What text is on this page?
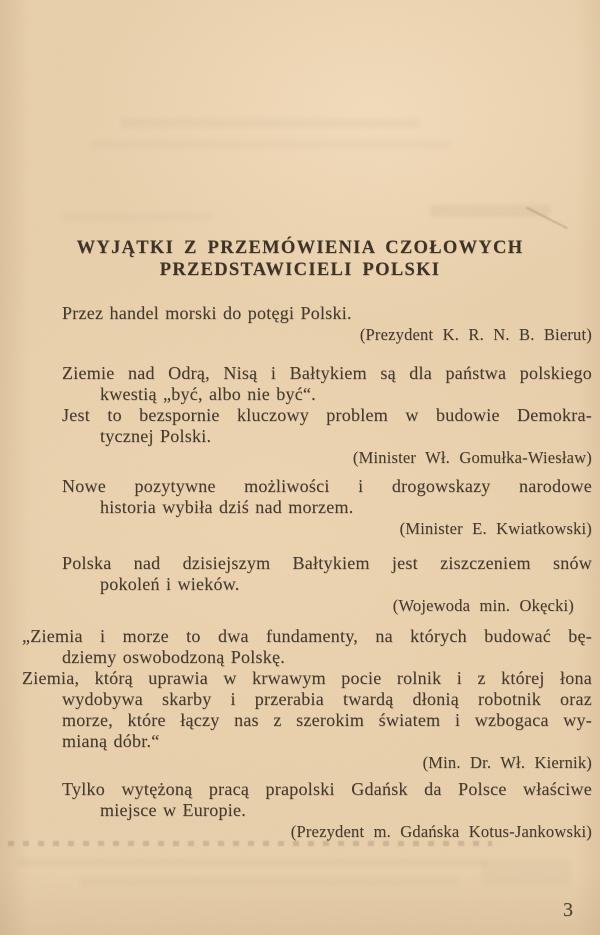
WYJĄTKI Z PRZEMÓWIENIA CZOŁOWYCH
PRZEDSTAWICIELI POLSKI
Przez handel morski do potęgi Polski.
(Prezydent K. R. N. B. Bierut)
Ziemie nad Odrą, Nisą i Bałtykiem są dla państwa polskiego
kwestią „być, albo nie być“.
Jest to bezspornie kluczowy problem w budowie Demokra-
tycznej Polski.
(Minister Wł. Gomułka-Wiesław)
Nowe pozytywne możliwości i drogowskazy narodowe
historia wybiła dziś nad morzem.
(Minister E. Kwiatkowski)
Polska nad dzisiejszym Bałtykiem jest ziszczeniem snów
pokoleń i wieków.
(Wojewoda min. Okęcki)
„Ziemia i morze to dwa fundamenty, na których budować bę-
dziemy oswobodzoną Polskę.
Ziemia, którą uprawia w krwawym pocie rolnik i z której łona
wydobywa skarby i przerabia twardą dłonią robotnik oraz
morze, które łączy nas z szerokim światem i wzbogaca wy-
mianą dóbr.“
(Min. Dr. Wł. Kiernik)
Tylko wytężoną pracą prapolski Gdańsk da Polsce właściwe
miejsce w Europie.
(Prezydent m. Gdańska Kotus-Jankowski)
3
